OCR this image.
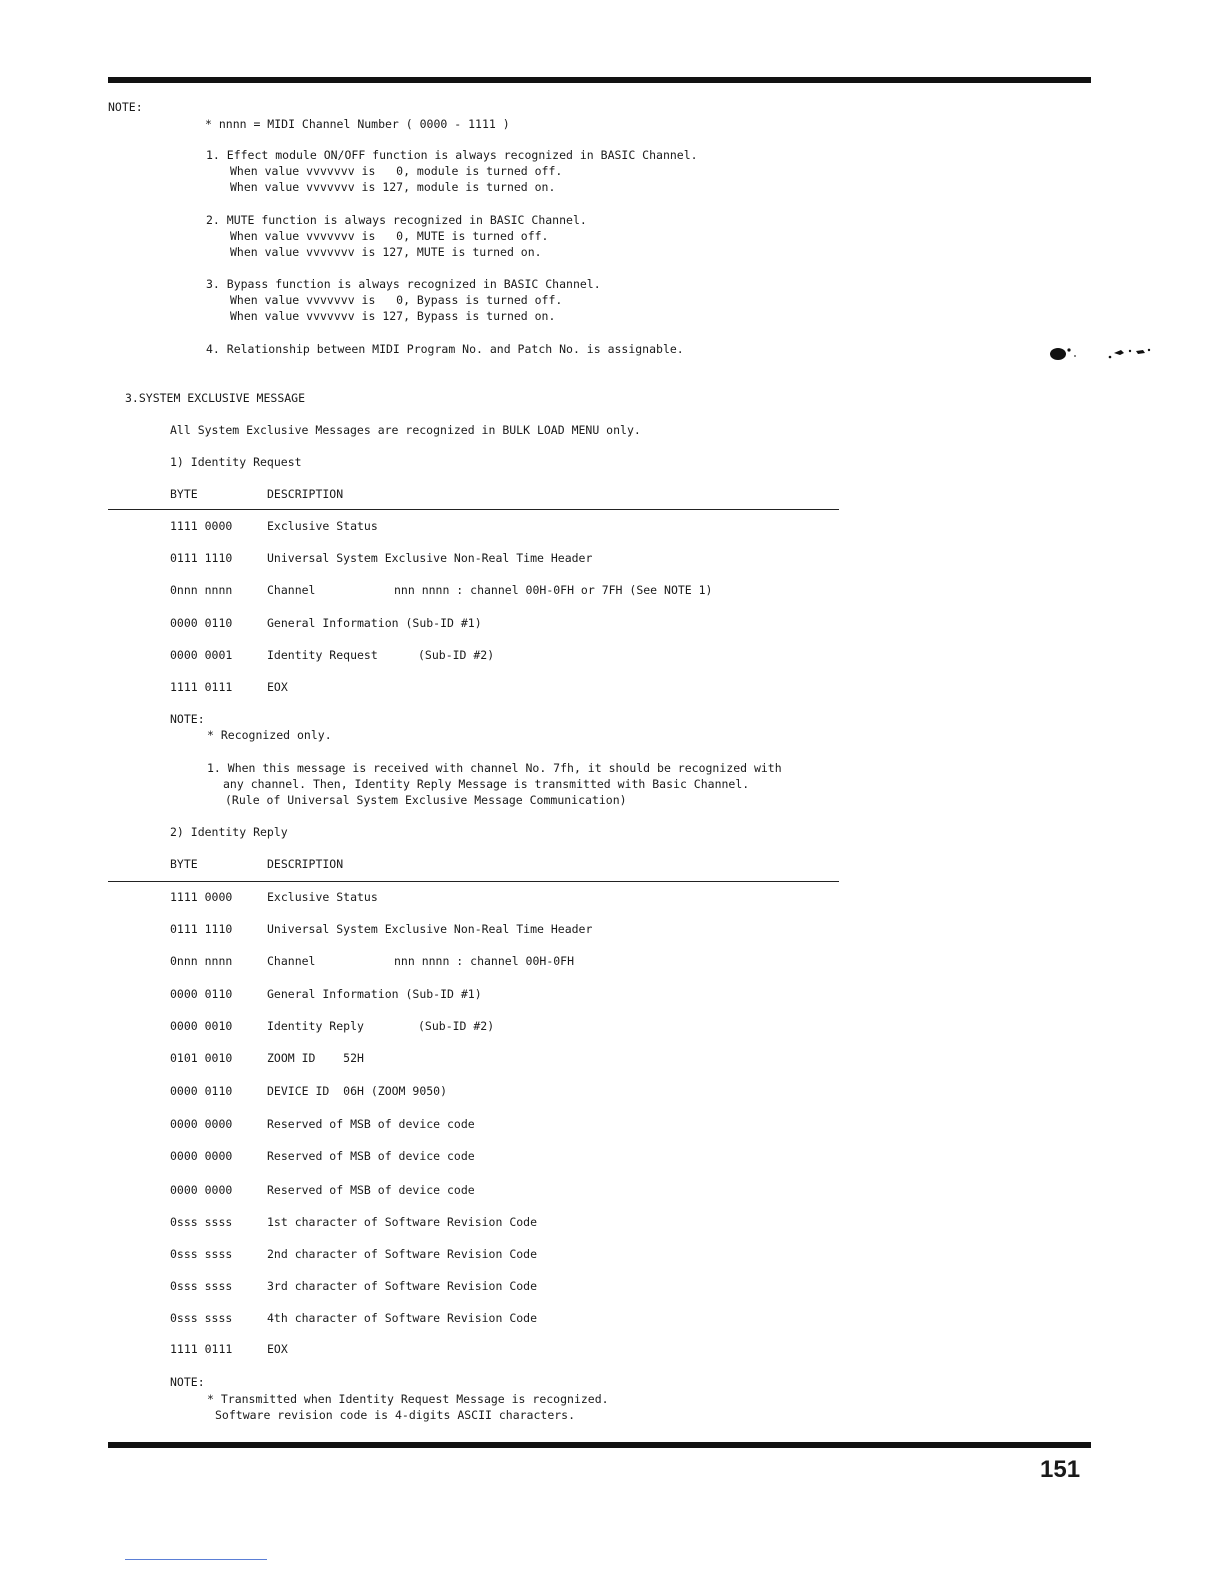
NOTE:
* nnnn = MIDI Channel Number ( 0000 - 1111 )
1. Effect module ON/OFF function is always recognized in BASIC Channel.
When value vvvvvvv is   0, module is turned off.
When value vvvvvvv is 127, module is turned on.
2. MUTE function is always recognized in BASIC Channel.
When value vvvvvvv is   0, MUTE is turned off.
When value vvvvvvv is 127, MUTE is turned on.
3. Bypass function is always recognized in BASIC Channel.
When value vvvvvvv is   0, Bypass is turned off.
When value vvvvvvv is 127, Bypass is turned on.
4. Relationship between MIDI Program No. and Patch No. is assignable.
3.SYSTEM EXCLUSIVE MESSAGE
All System Exclusive Messages are recognized in BULK LOAD MENU only.
1) Identity Request
BYTE	DESCRIPTION
1111 0000	Exclusive Status
0111 1110	Universal System Exclusive Non-Real Time Header
0nnn nnnn	Channel	nnn nnnn : channel 00H-0FH or 7FH (See NOTE 1)
0000 0110	General Information (Sub-ID #1)
0000 0001	Identity Request	(Sub-ID #2)
1111 0111	EOX
NOTE:
* Recognized only.
1. When this message is received with channel No. 7fh, it should be recognized with
any channel. Then, Identity Reply Message is transmitted with Basic Channel.
(Rule of Universal System Exclusive Message Communication)
2) Identity Reply
BYTE	DESCRIPTION
1111 0000	Exclusive Status
0111 1110	Universal System Exclusive Non-Real Time Header
0nnn nnnn	Channel	nnn nnnn : channel 00H-0FH
0000 0110	General Information (Sub-ID #1)
0000 0010	Identity Reply	(Sub-ID #2)
0101 0010	ZOOM ID    52H
0000 0110	DEVICE ID  06H (ZOOM 9050)
0000 0000	Reserved of MSB of device code
0000 0000	Reserved of MSB of device code
0000 0000	Reserved of MSB of device code
0sss ssss	1st character of Software Revision Code
0sss ssss	2nd character of Software Revision Code
0sss ssss	3rd character of Software Revision Code
0sss ssss	4th character of Software Revision Code
1111 0111	EOX
NOTE:
* Transmitted when Identity Request Message is recognized.
Software revision code is 4-digits ASCII characters.
151
